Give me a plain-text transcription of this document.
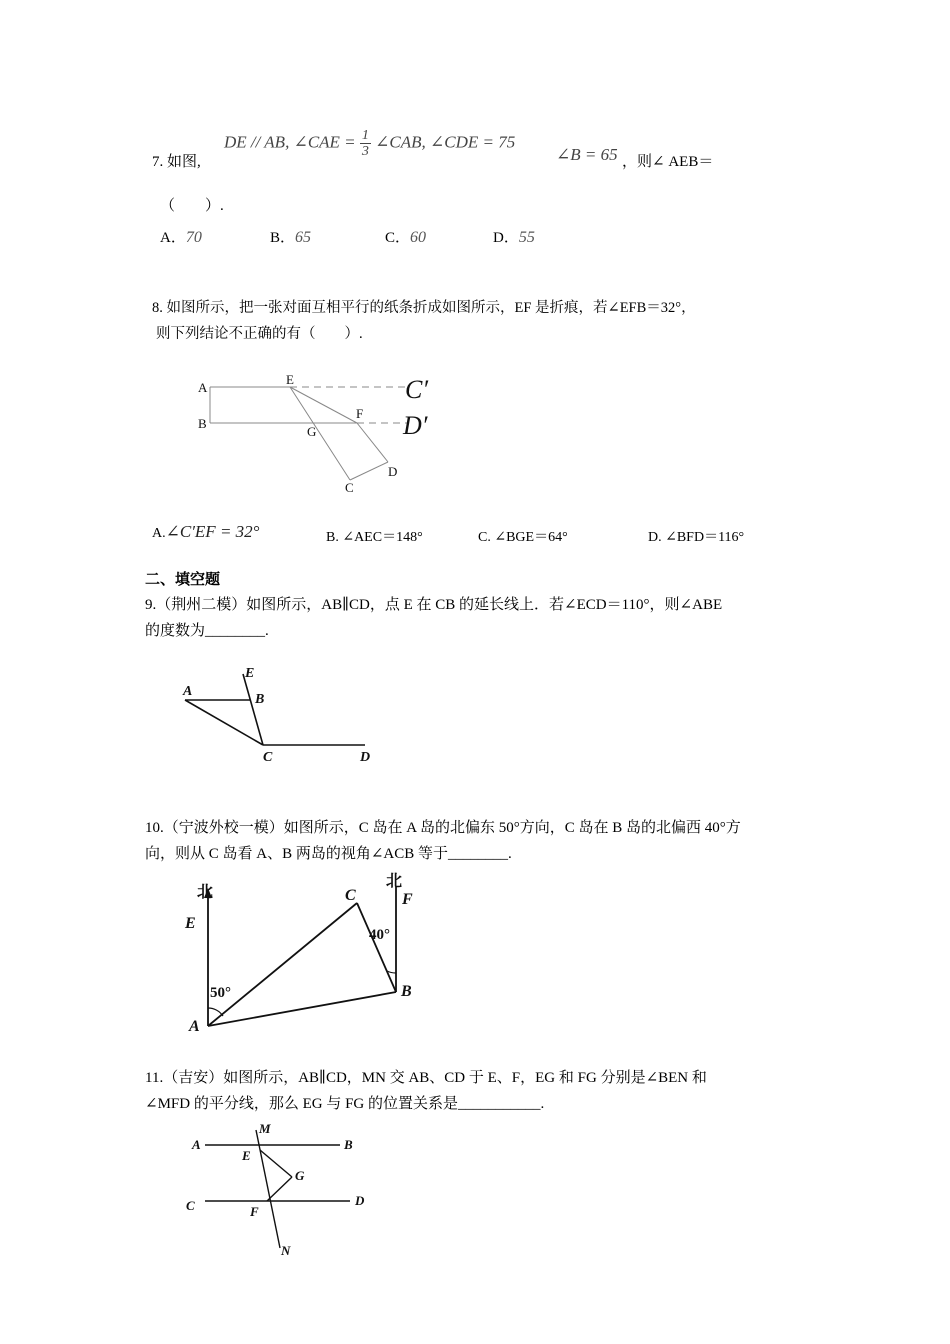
7. 如图,
DE // AB, ∠CAE = $\frac{1}{3}$ ∠CAB, ∠CDE = 75
∠B = 65 ，则∠ AEB＝
（　　）.
A．70	B．65	C．60	D．55
8. 如图所示，把一张对面互相平行的纸条折成如图所示，EF 是折痕，若∠EFB＝32°，
则下列结论不正确的有（　　）.
A
B
E
F
G
C
D
C′
D′
A.∠C′EF = 32°	B. ∠AEC＝148°	C. ∠BGE＝64°	D. ∠BFD＝116°
二、填空题
9.（荆州二模）如图所示，AB∥CD，点 E 在 CB 的延长线上．若∠ECD＝110°，则∠ABE
的度数为________.
E
A
B
C	D
10.（宁波外校一模）如图所示，C 岛在 A 岛的北偏东 50°方向，C 岛在 B 岛的北偏西 40°方
向，则从 C 岛看 A、B 两岛的视角∠ACB 等于________.
北
北
E
F
C
A
B
50°
40°
11.（吉安）如图所示，AB∥CD，MN 交 AB、CD 于 E、F，EG 和 FG 分别是∠BEN 和
∠MFD 的平分线，那么 EG 与 FG 的位置关系是___________.
A	B
M
E
G
C	D
F
N
